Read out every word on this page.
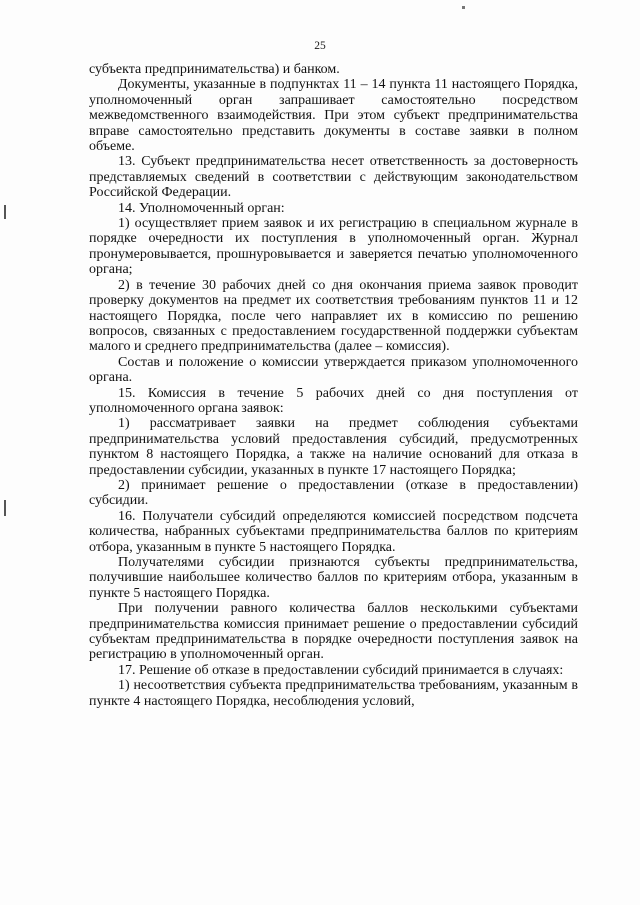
25

субъекта предпринимательства) и банком.

Документы, указанные в подпунктах 11 – 14 пункта 11 настоящего Порядка, уполномоченный орган запрашивает самостоятельно посредством межведомственного взаимодействия. При этом субъект предпринимательства вправе самостоятельно представить документы в составе заявки в полном объеме.

13. Субъект предпринимательства несет ответственность за достоверность представляемых сведений в соответствии с действующим законодательством Российской Федерации.

14. Уполномоченный орган:

1) осуществляет прием заявок и их регистрацию в специальном журнале в порядке очередности их поступления в уполномоченный орган. Журнал пронумеровывается, прошнуровывается и заверяется печатью уполномоченного органа;

2) в течение 30 рабочих дней со дня окончания приема заявок проводит проверку документов на предмет их соответствия требованиям пунктов 11 и 12 настоящего Порядка, после чего направляет их в комиссию по решению вопросов, связанных с предоставлением государственной поддержки субъектам малого и среднего предпринимательства (далее – комиссия).

Состав и положение о комиссии утверждается приказом уполномоченного органа.

15. Комиссия в течение 5 рабочих дней со дня поступления от уполномоченного органа заявок:

1) рассматривает заявки на предмет соблюдения субъектами предпринимательства условий предоставления субсидий, предусмотренных пунктом 8 настоящего Порядка, а также на наличие оснований для отказа в предоставлении субсидии, указанных в пункте 17 настоящего Порядка;

2) принимает решение о предоставлении (отказе в предоставлении) субсидии.

16. Получатели субсидий определяются комиссией посредством подсчета количества, набранных субъектами предпринимательства баллов по критериям отбора, указанным в пункте 5 настоящего Порядка.

Получателями субсидии признаются субъекты предпринимательства, получившие наибольшее количество баллов по критериям отбора, указанным в пункте 5 настоящего Порядка.

При получении равного количества баллов несколькими субъектами предпринимательства комиссия принимает решение о предоставлении субсидий субъектам предпринимательства в порядке очередности поступления заявок на регистрацию в уполномоченный орган.

17. Решение об отказе в предоставлении субсидий принимается в случаях:

1) несоответствия субъекта предпринимательства требованиям, указанным в пункте 4 настоящего Порядка, несоблюдения условий,
